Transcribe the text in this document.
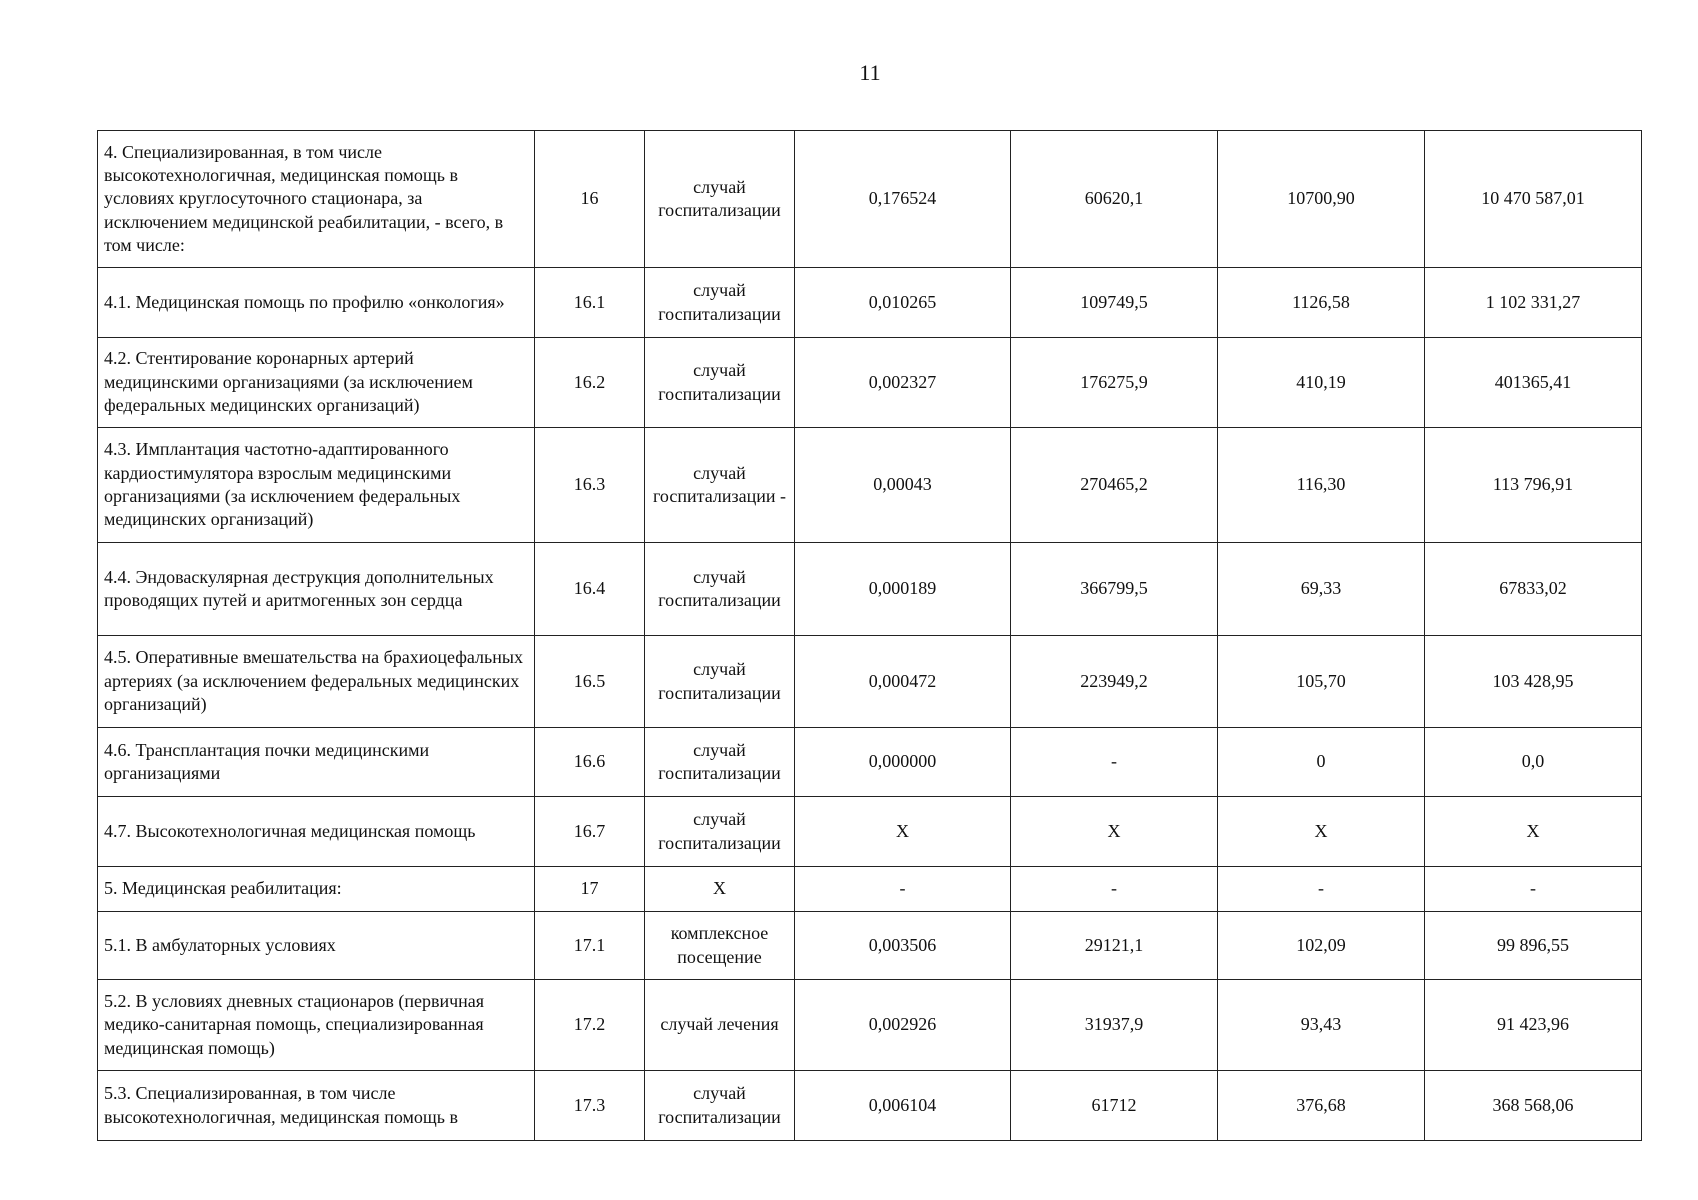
11
4. Специализированная, в том числе высокотехнологичная, медицинская помощь в условиях круглосуточного стационара, за исключением медицинской реабилитации, - всего, в том числе:	16	случай госпитализации	0,176524	60620,1	10700,90	10 470 587,01
4.1. Медицинская помощь по профилю «онкология»	16.1	случай госпитализации	0,010265	109749,5	1126,58	1 102 331,27
4.2. Стентирование коронарных артерий медицинскими организациями (за исключением федеральных медицинских организаций)	16.2	случай госпитализации	0,002327	176275,9	410,19	401365,41
4.3. Имплантация частотно-адаптированного кардиостимулятора взрослым медицинскими организациями (за исключением федеральных медицинских организаций)	16.3	случай госпитализации -	0,00043	270465,2	116,30	113 796,91
4.4. Эндоваскулярная деструкция дополнительных проводящих путей и аритмогенных зон сердца	16.4	случай госпитализации	0,000189	366799,5	69,33	67833,02
4.5. Оперативные вмешательства на брахиоцефальных артериях (за исключением федеральных медицинских организаций)	16.5	случай госпитализации	0,000472	223949,2	105,70	103 428,95
4.6. Трансплантация почки медицинскими организациями	16.6	случай госпитализации	0,000000	-	0	0,0
4.7. Высокотехнологичная медицинская помощь	16.7	случай госпитализации	X	X	X	X
5. Медицинская реабилитация:	17	X	-	-	-	-
5.1. В амбулаторных условиях	17.1	комплексное посещение	0,003506	29121,1	102,09	99 896,55
5.2. В условиях дневных стационаров (первичная медико-санитарная помощь, специализированная медицинская помощь)	17.2	случай лечения	0,002926	31937,9	93,43	91 423,96
5.3. Специализированная, в том числе высокотехнологичная, медицинская помощь в	17.3	случай госпитализации	0,006104	61712	376,68	368 568,06
